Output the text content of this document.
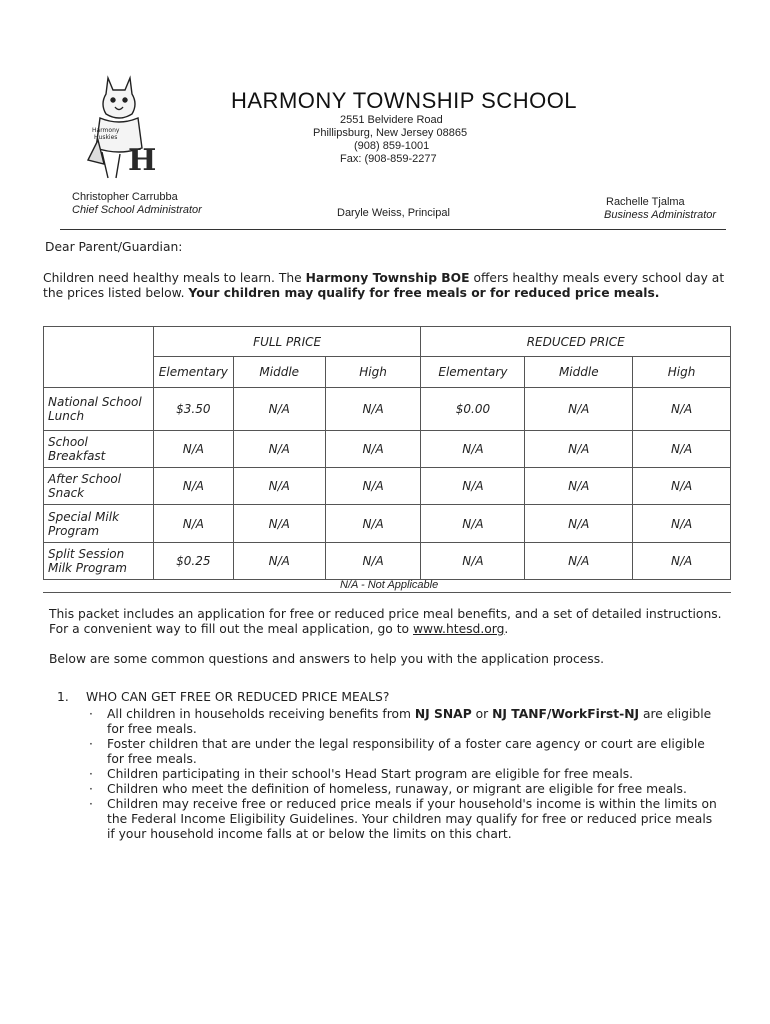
Harmony
Huskies
H
HARMONY TOWNSHIP SCHOOL
2551 Belvidere Road
Phillipsburg, New Jersey 08865
(908) 859-1001
Fax: (908-859-2277
Christopher Carrubba
Chief School Administrator	Daryle Weiss, Principal
Rachelle Tjalma
Business Administrator
Dear Parent/Guardian:
Children need healthy meals to learn. The Harmony Township BOE offers healthy meals every school day at the prices listed below. Your children may qualify for free meals or for reduced price meals.
	FULL PRICE			REDUCED PRICE		
	Elementary	Middle	High	Elementary	Middle	High
National School
Lunch	$3.50	N/A	N/A	$0.00	N/A	N/A
School
Breakfast	N/A	N/A	N/A	N/A	N/A	N/A
After School
Snack	N/A	N/A	N/A	N/A	N/A	N/A
Special Milk
Program	N/A	N/A	N/A	N/A	N/A	N/A
Split Session
Milk Program	$0.25	N/A	N/A	N/A	N/A	N/A
N/A - Not Applicable
This packet includes an application for free or reduced price meal benefits, and a set of detailed instructions.
For a convenient way to fill out the meal application, go to www.htesd.org.
Below are some common questions and answers to help you with the application process.
1. WHO CAN GET FREE OR REDUCED PRICE MEALS?
· All children in households receiving benefits from NJ SNAP or NJ TANF/WorkFirst-NJ are eligible for free meals.
· Foster children that are under the legal responsibility of a foster care agency or court are eligible for free meals.
· Children participating in their school's Head Start program are eligible for free meals.
· Children who meet the definition of homeless, runaway, or migrant are eligible for free meals.
· Children may receive free or reduced price meals if your household's income is within the limits on the Federal Income Eligibility Guidelines. Your children may qualify for free or reduced price meals if your household income falls at or below the limits on this chart.
